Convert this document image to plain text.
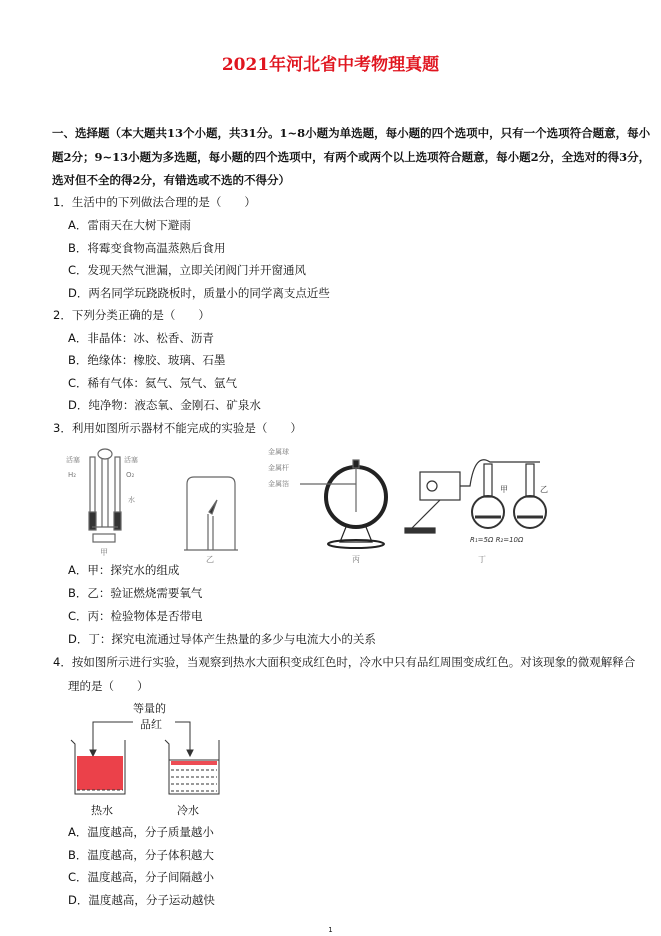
2021年河北省中考物理真题
一、选择题（本大题共13个小题，共31分。1~8小题为单选题，每小题的四个选项中，只有一个选项符合题意，每小题2分；9~13小题为多选题，每小题的四个选项中，有两个或两个以上选项符合题意，每小题2分，全选对的得3分，选对但不全的得2分，有错选或不选的不得分）
1．生活中的下列做法合理的是（　　）
A．雷雨天在大树下避雨
B．将霉变食物高温蒸熟后食用
C．发现天然气泄漏，立即关闭阀门并开窗通风
D．两名同学玩跷跷板时，质量小的同学离支点近些
2．下列分类正确的是（　　）
A．非晶体：冰、松香、沥青
B．绝缘体：橡胶、玻璃、石墨
C．稀有气体：氦气、氖气、氩气
D．纯净物：液态氧、金刚石、矿泉水
3．利用如图所示器材不能完成的实验是（　　）
活塞	活塞
H₂	O₂
水
甲
乙
金属球
金属杆
金属箔
丙
甲	乙
R₁=5Ω R₂=10Ω
丁
A．甲：探究水的组成
B．乙：验证燃烧需要氧气
C．丙：检验物体是否带电
D．丁：探究电流通过导体产生热量的多少与电流大小的关系
4．按如图所示进行实验，当观察到热水大面积变成红色时，冷水中只有品红周围变成红色。对该现象的微观解释合
理的是（　　）
等量的
品红
热水	冷水
A．温度越高，分子质量越小
B．温度越高，分子体积越大
C．温度越高，分子间隔越小
D．温度越高，分子运动越快
1
